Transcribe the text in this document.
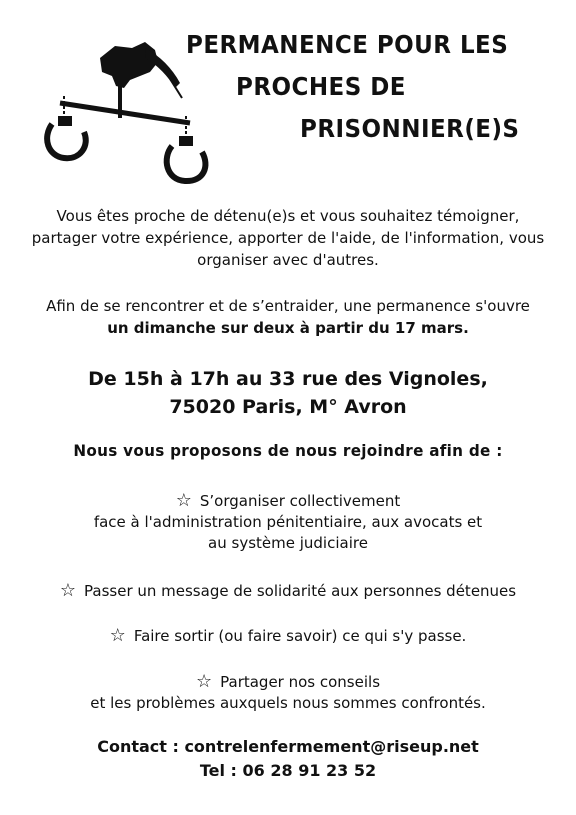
PERMANENCE POUR LES
PROCHES DE
PRISONNIER(E)S
Vous êtes proche de détenu(e)s et vous souhaitez témoigner, partager votre expérience, apporter de l'aide, de l'information, vous organiser avec d'autres.
Afin de se rencontrer et de s’entraider, une permanence s'ouvre
un dimanche sur deux à partir du 17 mars.
De 15h à 17h au 33 rue des Vignoles,
75020 Paris, M° Avron
Nous vous proposons de nous rejoindre afin de :
☆ S’organiser collectivement
face à l'administration pénitentiaire, aux avocats et
au système judiciaire
☆ Passer un message de solidarité aux personnes détenues
☆ Faire sortir (ou faire savoir) ce qui s'y passe.
☆ Partager nos conseils
et les problèmes auxquels nous sommes confrontés.
Contact : contrelenfermement@riseup.net
Tel : 06 28 91 23 52
